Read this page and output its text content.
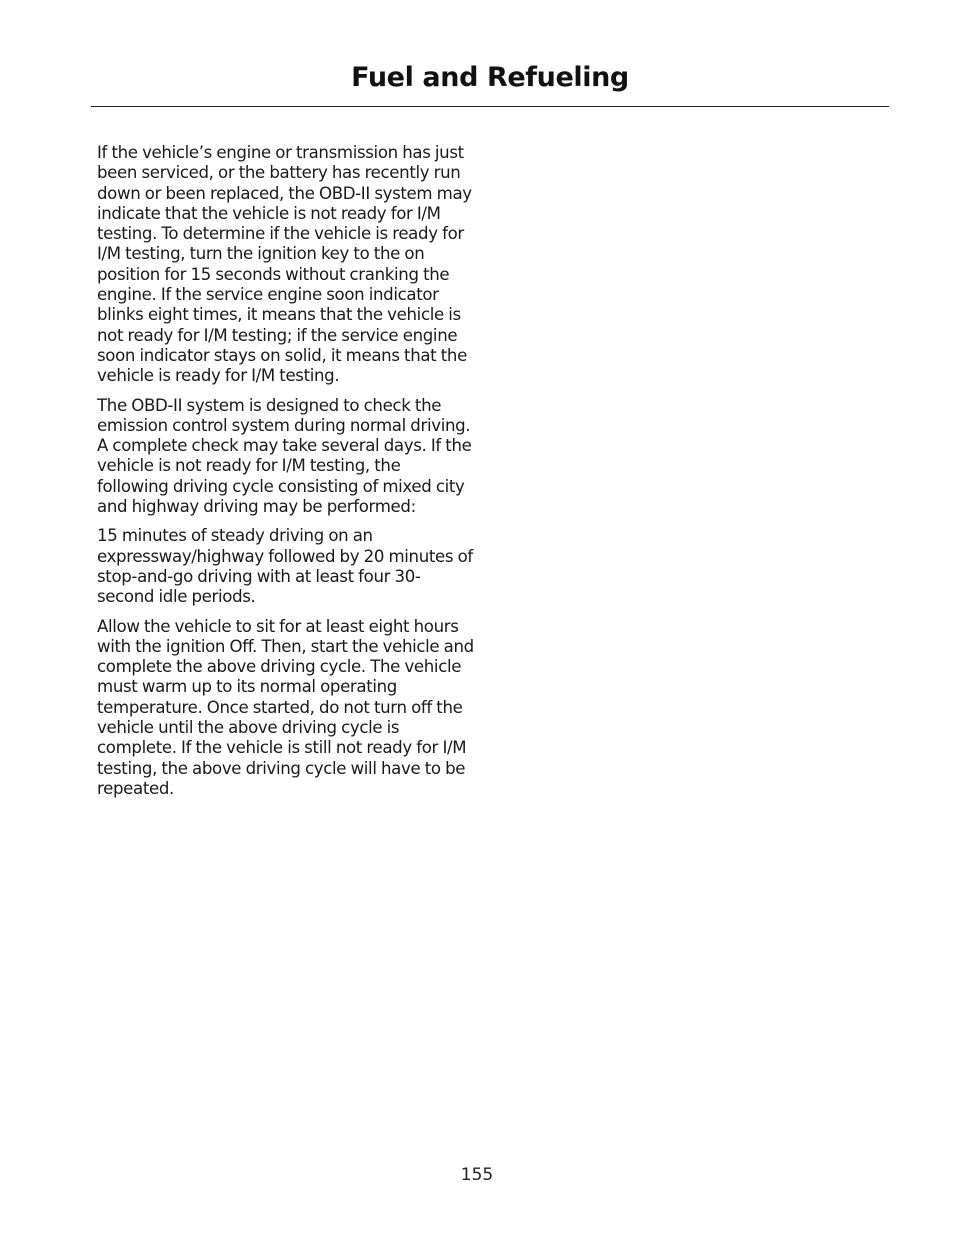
Fuel and Refueling

If the vehicle’s engine or transmission has just been serviced, or the battery has recently run down or been replaced, the OBD-II system may indicate that the vehicle is not ready for I/M testing. To determine if the vehicle is ready for I/M testing, turn the ignition key to the on position for 15 seconds without cranking the engine. If the service engine soon indicator blinks eight times, it means that the vehicle is not ready for I/M testing; if the service engine soon indicator stays on solid, it means that the vehicle is ready for I/M testing.

The OBD-II system is designed to check the emission control system during normal driving. A complete check may take several days. If the vehicle is not ready for I/M testing, the following driving cycle consisting of mixed city and highway driving may be performed:

15 minutes of steady driving on an expressway/highway followed by 20 minutes of stop-and-go driving with at least four 30-second idle periods.

Allow the vehicle to sit for at least eight hours with the ignition Off. Then, start the vehicle and complete the above driving cycle. The vehicle must warm up to its normal operating temperature. Once started, do not turn off the vehicle until the above driving cycle is complete. If the vehicle is still not ready for I/M testing, the above driving cycle will have to be repeated.

155
